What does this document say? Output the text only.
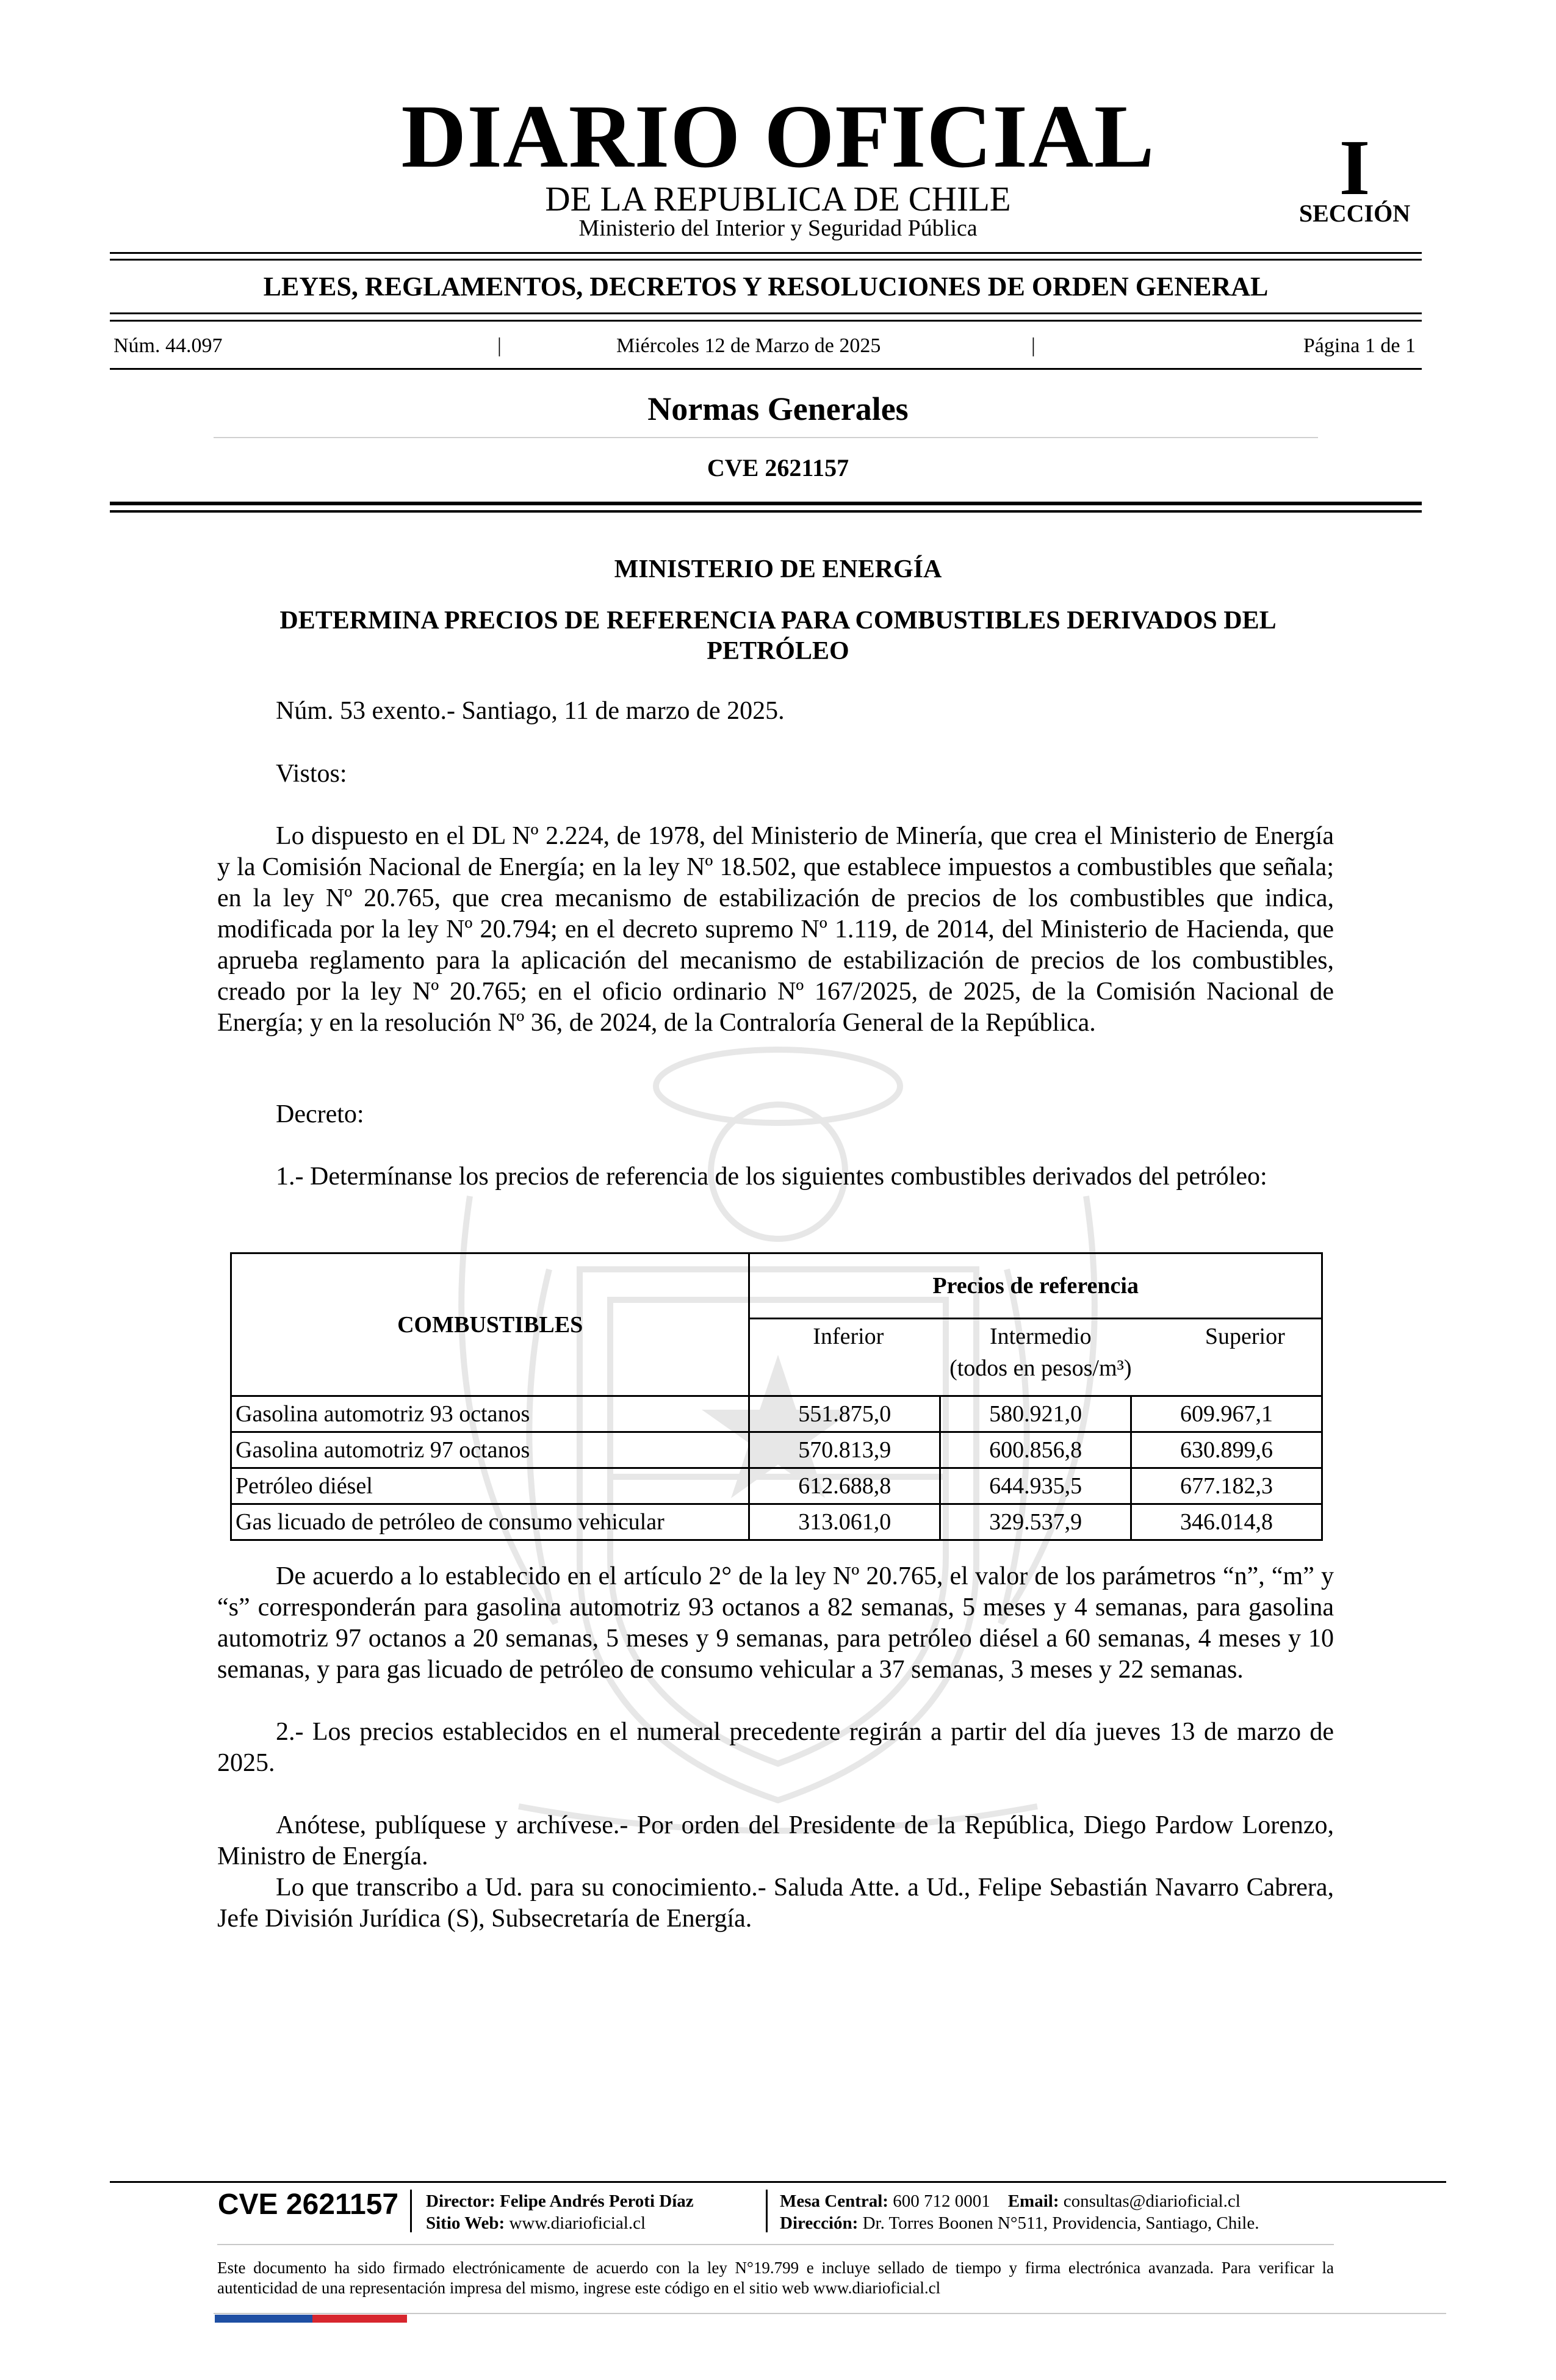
DIARIO OFICIAL
DE LA REPUBLICA DE CHILE
Ministerio del Interior y Seguridad Pública
I
SECCIÓN
LEYES, REGLAMENTOS, DECRETOS Y RESOLUCIONES DE ORDEN GENERAL
Núm. 44.097	|	Miércoles 12 de Marzo de 2025	|	Página 1 de 1
Normas Generales
CVE 2621157
MINISTERIO DE ENERGÍA
DETERMINA PRECIOS DE REFERENCIA PARA COMBUSTIBLES DERIVADOS DEL PETRÓLEO
Núm. 53 exento.- Santiago, 11 de marzo de 2025.
Vistos:
Lo dispuesto en el DL Nº 2.224, de 1978, del Ministerio de Minería, que crea el Ministerio de Energía y la Comisión Nacional de Energía; en la ley Nº 18.502, que establece impuestos a combustibles que señala; en la ley Nº 20.765, que crea mecanismo de estabilización de precios de los combustibles que indica, modificada por la ley Nº 20.794; en el decreto supremo Nº 1.119, de 2014, del Ministerio de Hacienda, que aprueba reglamento para la aplicación del mecanismo de estabilización de precios de los combustibles, creado por la ley Nº 20.765; en el oficio ordinario Nº 167/2025, de 2025, de la Comisión Nacional de Energía; y en la resolución Nº 36, de 2024, de la Contraloría General de la República.
Decreto:
1.- Determínanse los precios de referencia de los siguientes combustibles derivados del petróleo:
COMBUSTIBLES	Precios de referencia		

	Inferior Intermedio Superior
(todos en pesos/m³)		

Gasolina automotriz 93 octanos	551.875,0	580.921,0	609.967,1
Gasolina automotriz 97 octanos	570.813,9	600.856,8	630.899,6
Petróleo diésel	612.688,8	644.935,5	677.182,3
Gas licuado de petróleo de consumo vehicular	313.061,0	329.537,9	346.014,8
De acuerdo a lo establecido en el artículo 2° de la ley Nº 20.765, el valor de los parámetros “n”, “m” y “s” corresponderán para gasolina automotriz 93 octanos a 82 semanas, 5 meses y 4 semanas, para gasolina automotriz 97 octanos a 20 semanas, 5 meses y 9 semanas, para petróleo diésel a 60 semanas, 4 meses y 10 semanas, y para gas licuado de petróleo de consumo vehicular a 37 semanas, 3 meses y 22 semanas.
2.- Los precios establecidos en el numeral precedente regirán a partir del día jueves 13 de marzo de 2025.
Anótese, publíquese y archívese.- Por orden del Presidente de la República, Diego Pardow Lorenzo, Ministro de Energía.
Lo que transcribo a Ud. para su conocimiento.- Saluda Atte. a Ud., Felipe Sebastián Navarro Cabrera, Jefe División Jurídica (S), Subsecretaría de Energía.
CVE 2621157	Director: Felipe Andrés Peroti Díaz
Sitio Web: www.diarioficial.cl
Mesa Central: 600 712 0001 Email: consultas@diarioficial.cl
Dirección: Dr. Torres Boonen N°511, Providencia, Santiago, Chile.
Este documento ha sido firmado electrónicamente de acuerdo con la ley N°19.799 e incluye sellado de tiempo y firma electrónica avanzada. Para verificar la autenticidad de una representación impresa del mismo, ingrese este código en el sitio web www.diarioficial.cl
